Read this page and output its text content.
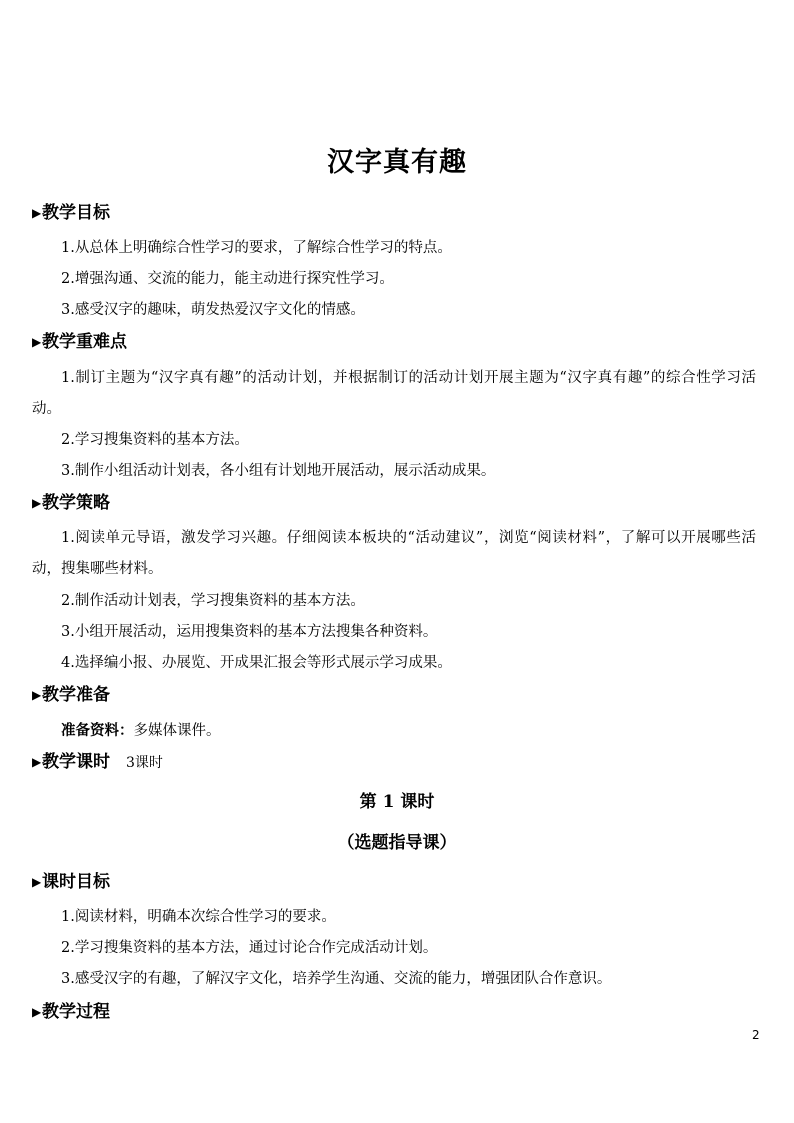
汉字真有趣
▶教学目标
1.从总体上明确综合性学习的要求，了解综合性学习的特点。
2.增强沟通、交流的能力，能主动进行探究性学习。
3.感受汉字的趣味，萌发热爱汉字文化的情感。
▶教学重难点
1.制订主题为“汉字真有趣”的活动计划，并根据制订的活动计划开展主题为“汉字真有趣”的综合性学习活动。
2.学习搜集资料的基本方法。
3.制作小组活动计划表，各小组有计划地开展活动，展示活动成果。
▶教学策略
1.阅读单元导语，激发学习兴趣。仔细阅读本板块的“活动建议”，浏览“阅读材料”，了解可以开展哪些活动，搜集哪些材料。
2.制作活动计划表，学习搜集资料的基本方法。
3.小组开展活动，运用搜集资料的基本方法搜集各种资料。
4.选择编小报、办展览、开成果汇报会等形式展示学习成果。
▶教学准备
准备资料：多媒体课件。
▶教学课时 3课时
第 1 课时
（选题指导课）
▶课时目标
1.阅读材料，明确本次综合性学习的要求。
2.学习搜集资料的基本方法，通过讨论合作完成活动计划。
3.感受汉字的有趣，了解汉字文化，培养学生沟通、交流的能力，增强团队合作意识。
▶教学过程
2
